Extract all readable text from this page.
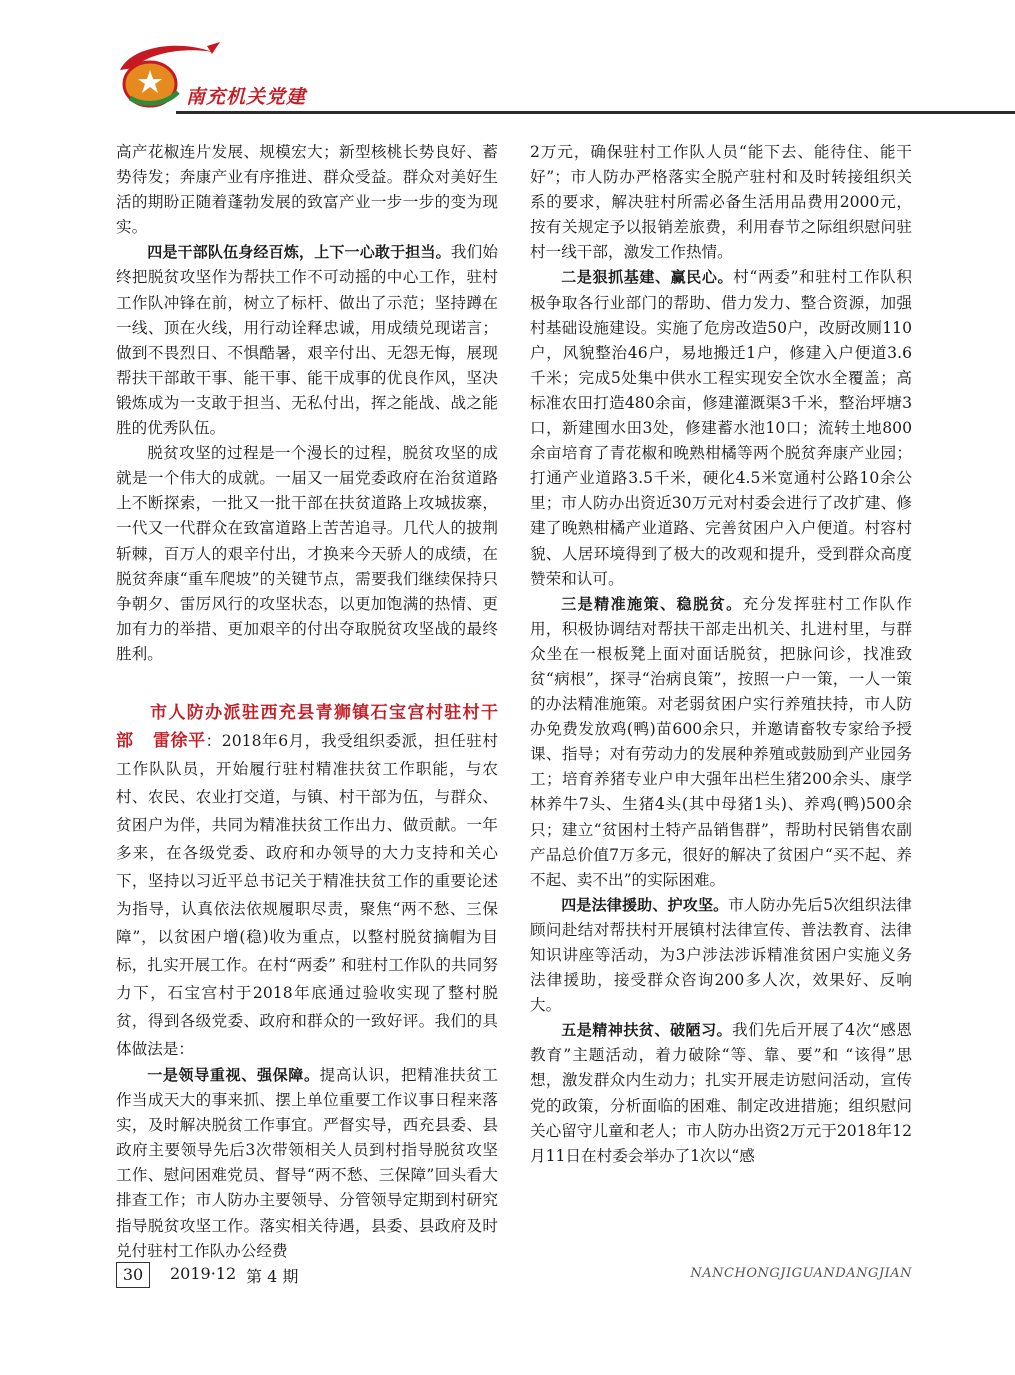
南充机关党建

高产花椒连片发展、规模宏大；新型核桃长势良好、蓄势待发；奔康产业有序推进、群众受益。群众对美好生活的期盼正随着蓬勃发展的致富产业一步一步的变为现实。

四是干部队伍身经百炼，上下一心敢于担当。我们始终把脱贫攻坚作为帮扶工作不可动摇的中心工作，驻村工作队冲锋在前，树立了标杆、做出了示范；坚持蹲在一线、顶在火线，用行动诠释忠诚，用成绩兑现诺言；做到不畏烈日、不惧酷暑，艰辛付出、无怨无悔，展现帮扶干部敢干事、能干事、能干成事的优良作风，坚决锻炼成为一支敢于担当、无私付出，挥之能战、战之能胜的优秀队伍。

脱贫攻坚的过程是一个漫长的过程，脱贫攻坚的成就是一个伟大的成就。一届又一届党委政府在治贫道路上不断探索，一批又一批干部在扶贫道路上攻城拔寨，一代又一代群众在致富道路上苦苦追寻。几代人的披荆斩棘，百万人的艰辛付出，才换来今天骄人的成绩，在脱贫奔康“重车爬坡”的关键节点，需要我们继续保持只争朝夕、雷厉风行的攻坚状态，以更加饱满的热情、更加有力的举措、更加艰辛的付出夺取脱贫攻坚战的最终胜利。

市人防办派驻西充县青狮镇石宝宫村驻村干部 雷徐平：2018年6月，我受组织委派，担任驻村工作队队员，开始履行驻村精准扶贫工作职能，与农村、农民、农业打交道，与镇、村干部为伍，与群众、贫困户为伴，共同为精准扶贫工作出力、做贡献。一年多来，在各级党委、政府和办领导的大力支持和关心下，坚持以习近平总书记关于精准扶贫工作的重要论述为指导，认真依法依规履职尽责，聚焦“两不愁、三保障”，以贫困户增(稳)收为重点，以整村脱贫摘帽为目标，扎实开展工作。在村“两委” 和驻村工作队的共同努力下，石宝宫村于2018年底通过验收实现了整村脱贫，得到各级党委、政府和群众的一致好评。我们的具体做法是：

一是领导重视、强保障。提高认识，把精准扶贫工作当成天大的事来抓、摆上单位重要工作议事日程来落实，及时解决脱贫工作事宜。严督实导，西充县委、县政府主要领导先后3次带领相关人员到村指导脱贫攻坚工作、慰问困难党员、督导“两不愁、三保障”回头看大排查工作；市人防办主要领导、分管领导定期到村研究指导脱贫攻坚工作。落实相关待遇，县委、县政府及时兑付驻村工作队办公经费

2万元，确保驻村工作队人员“能下去、能待住、能干好”；市人防办严格落实全脱产驻村和及时转接组织关系的要求，解决驻村所需必备生活用品费用2000元，按有关规定予以报销差旅费，利用春节之际组织慰问驻村一线干部，激发工作热情。

二是狠抓基建、赢民心。村“两委”和驻村工作队积极争取各行业部门的帮助、借力发力、整合资源，加强村基础设施建设。实施了危房改造50户，改厨改厕110户，风貌整治46户，易地搬迁1户，修建入户便道3.6千米；完成5处集中供水工程实现安全饮水全覆盖；高标准农田打造480余亩，修建灌溉渠3千米，整治坪塘3口，新建囤水田3处，修建蓄水池10口；流转土地800余亩培育了青花椒和晚熟柑橘等两个脱贫奔康产业园；打通产业道路3.5千米，硬化4.5米宽通村公路10余公里；市人防办出资近30万元对村委会进行了改扩建、修建了晚熟柑橘产业道路、完善贫困户入户便道。村容村貌、人居环境得到了极大的改观和提升，受到群众高度赞荣和认可。

三是精准施策、稳脱贫。充分发挥驻村工作队作用，积极协调结对帮扶干部走出机关、扎进村里，与群众坐在一根板凳上面对面话脱贫，把脉问诊，找准致贫“病根”，探寻“治病良策”，按照一户一策，一人一策的办法精准施策。对老弱贫困户实行养殖扶持，市人防办免费发放鸡(鸭)苗600余只，并邀请畜牧专家给予授课、指导；对有劳动力的发展种养殖或鼓励到产业园务工；培育养猪专业户申大强年出栏生猪200余头、康学林养牛7头、生猪4头(其中母猪1头)、养鸡(鸭)500余只；建立“贫困村土特产品销售群”，帮助村民销售农副产品总价值7万多元，很好的解决了贫困户“买不起、养不起、卖不出”的实际困难。

四是法律援助、护攻坚。市人防办先后5次组织法律顾问赴结对帮扶村开展镇村法律宣传、普法教育、法律知识讲座等活动，为3户涉法涉诉精准贫困户实施义务法律援助，接受群众咨询200多人次，效果好、反响大。

五是精神扶贫、破陋习。我们先后开展了4次“感恩教育”主题活动，着力破除“等、靠、要”和 “该得”思想，激发群众内生动力；扎实开展走访慰问活动，宣传党的政策，分析面临的困难、制定改进措施；组织慰问关心留守儿童和老人；市人防办出资2万元于2018年12月11日在村委会举办了1次以“感

30	2019·12 第 4 期	NANCHONGJIGUANDANGJIAN
